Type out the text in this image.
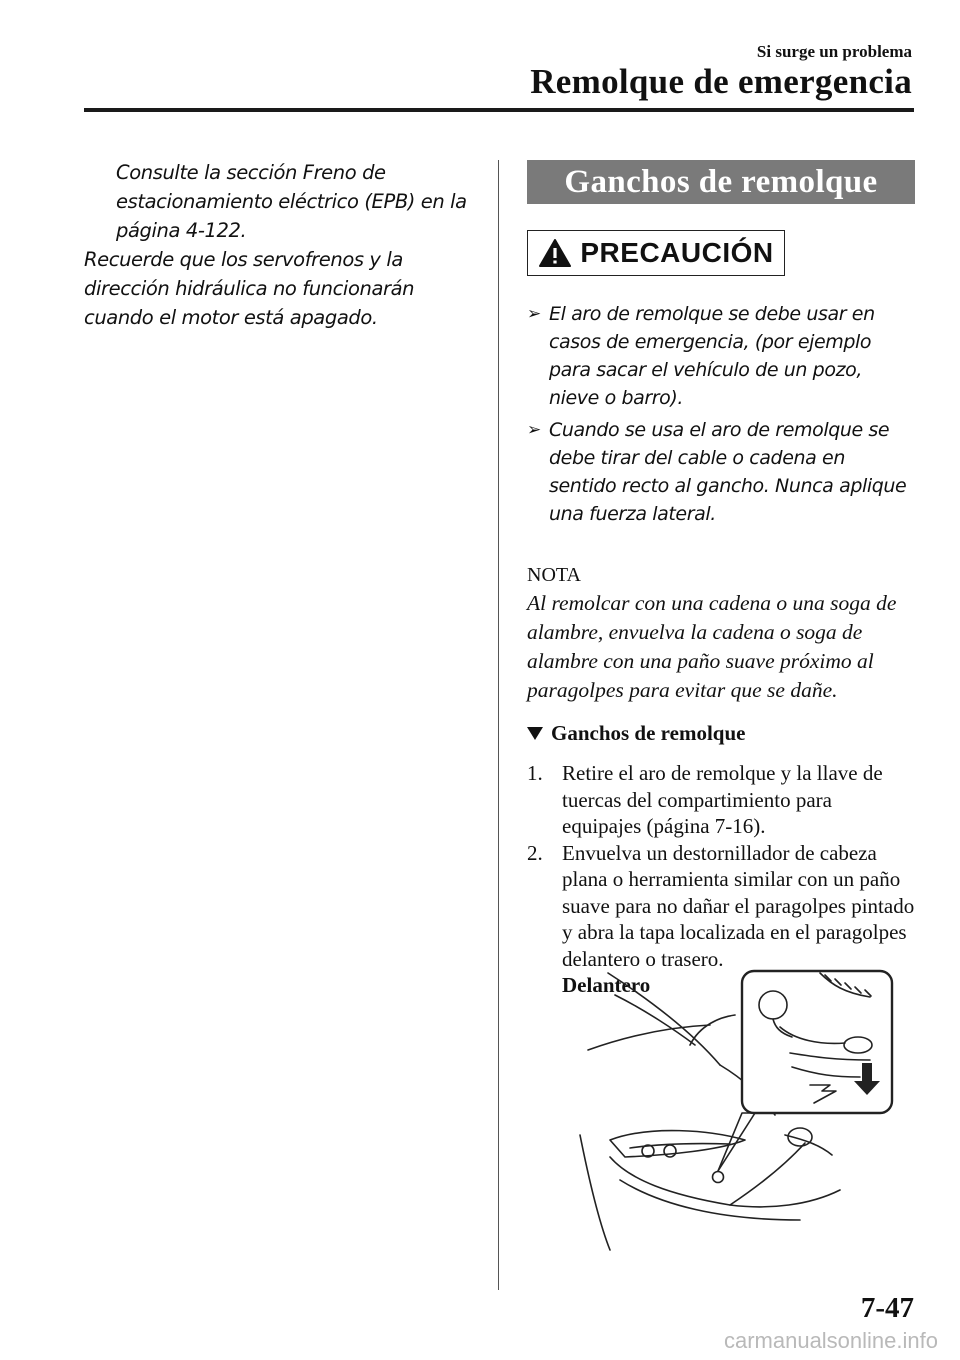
Si surge un problema
Remolque de emergencia

Consulte la sección Freno de estacionamiento eléctrico (EPB) en la página 4-122.

Recuerde que los servofrenos y la dirección hidráulica no funcionarán cuando el motor está apagado.

Ganchos de remolque
PRECAUCIÓN
➢ El aro de remolque se debe usar en casos de emergencia, (por ejemplo para sacar el vehículo de un pozo, nieve o barro).
➢ Cuando se usa el aro de remolque se debe tirar del cable o cadena en sentido recto al gancho. Nunca aplique una fuerza lateral.
NOTA
Al remolcar con una cadena o una soga de alambre, envuelva la cadena o soga de alambre con una paño suave próximo al paragolpes para evitar que se dañe.
Ganchos de remolque
1. Retire el aro de remolque y la llave de tuercas del compartimiento para equipajes (página 7-16).
2. Envuelva un destornillador de cabeza plana o herramienta similar con un paño suave para no dañar el paragolpes pintado y abra la tapa localizada en el paragolpes delantero o trasero.
Delantero
7-47
carmanualsonline.info
